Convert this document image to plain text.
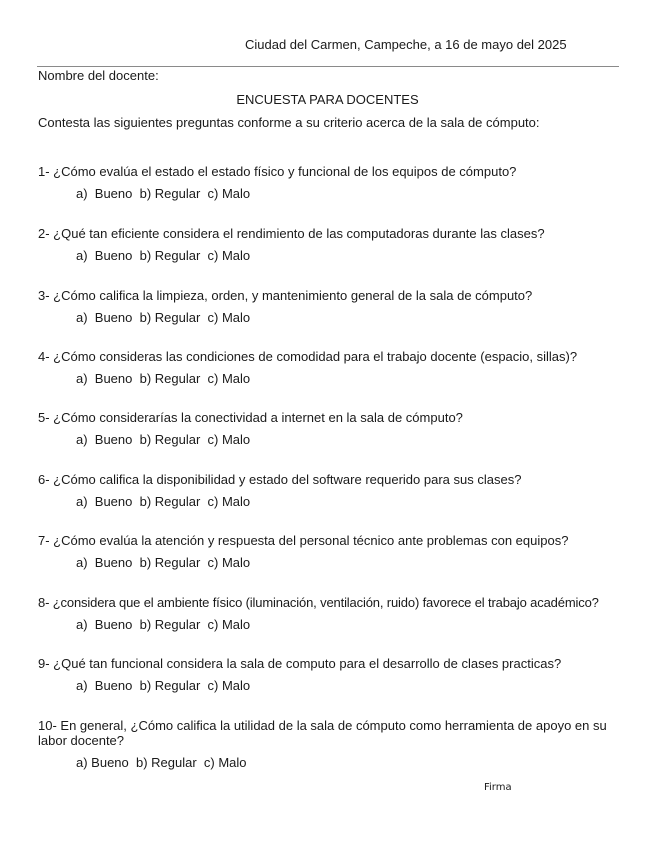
Ciudad del Carmen, Campeche, a 16 de mayo del 2025
Nombre del docente:
ENCUESTA PARA DOCENTES
Contesta las siguientes preguntas conforme a su criterio acerca de la sala de cómputo:
1- ¿Cómo evalúa el estado el estado físico y funcional de los equipos de cómputo?
a)  Bueno  b) Regular  c) Malo
2- ¿Qué tan eficiente considera el rendimiento de las computadoras durante las clases?
a)  Bueno  b) Regular  c) Malo
3- ¿Cómo califica la limpieza, orden, y mantenimiento general de la sala de cómputo?
a)  Bueno  b) Regular  c) Malo
4- ¿Cómo consideras las condiciones de comodidad para el trabajo docente (espacio, sillas)?
a)  Bueno  b) Regular  c) Malo
5- ¿Cómo considerarías la conectividad a internet en la sala de cómputo?
a)  Bueno  b) Regular  c) Malo
6- ¿Cómo califica la disponibilidad y estado del software requerido para sus clases?
a)  Bueno  b) Regular  c) Malo
7- ¿Cómo evalúa la atención y respuesta del personal técnico ante problemas con equipos?
a)  Bueno  b) Regular  c) Malo
8- ¿considera que el ambiente físico (iluminación, ventilación, ruido) favorece el trabajo académico?
a)  Bueno  b) Regular  c) Malo
9- ¿Qué tan funcional considera la sala de computo para el desarrollo de clases practicas?
a)  Bueno  b) Regular  c) Malo
10- En general, ¿Cómo califica la utilidad de la sala de cómputo como herramienta de apoyo en su labor docente?
a) Bueno  b) Regular  c) Malo
Firma
